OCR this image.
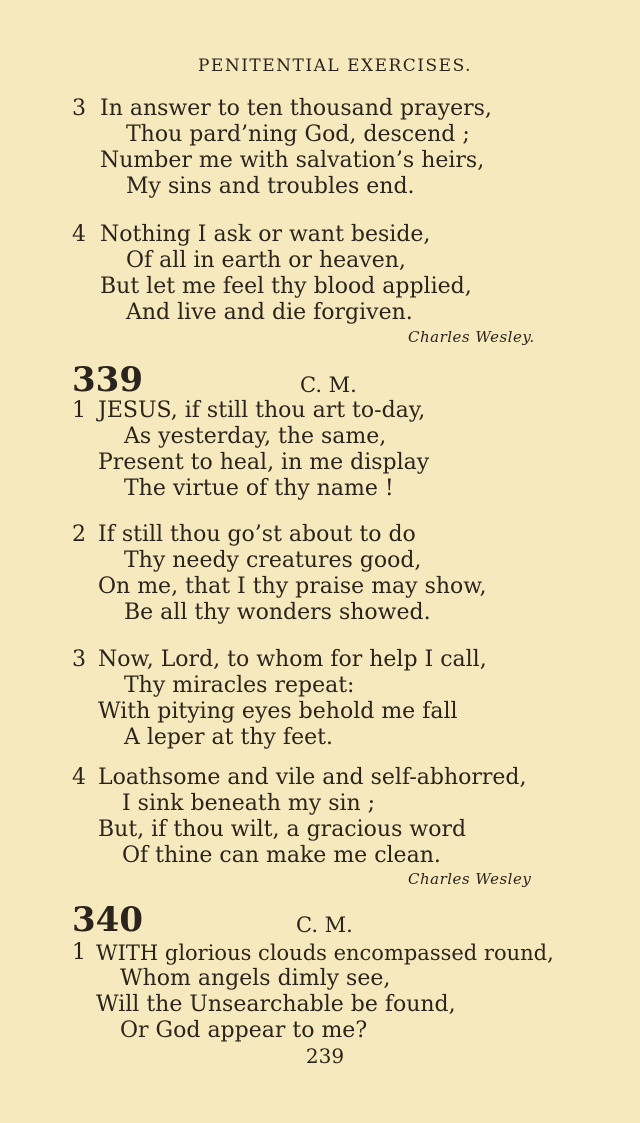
PENITENTIAL EXERCISES.
3 In answer to ten thousand prayers,
Thou pard’ning God, descend ;
Number me with salvation’s heirs,
My sins and troubles end.
4 Nothing I ask or want beside,
Of all in earth or heaven,
But let me feel thy blood applied,
And live and die forgiven.
Charles Wesley.
339	C. M.
1 JESUS, if still thou art to-day,
As yesterday, the same,
Present to heal, in me display
The virtue of thy name !
2 If still thou go’st about to do
Thy needy creatures good,
On me, that I thy praise may show,
Be all thy wonders showed.
3 Now, Lord, to whom for help I call,
Thy miracles repeat:
With pitying eyes behold me fall
A leper at thy feet.
4 Loathsome and vile and self-abhorred,
I sink beneath my sin ;
But, if thou wilt, a gracious word
Of thine can make me clean.
Charles Wesley
340	C. M.
1 WITH glorious clouds encompassed round,
Whom angels dimly see,
Will the Unsearchable be found,
Or God appear to me?
239
